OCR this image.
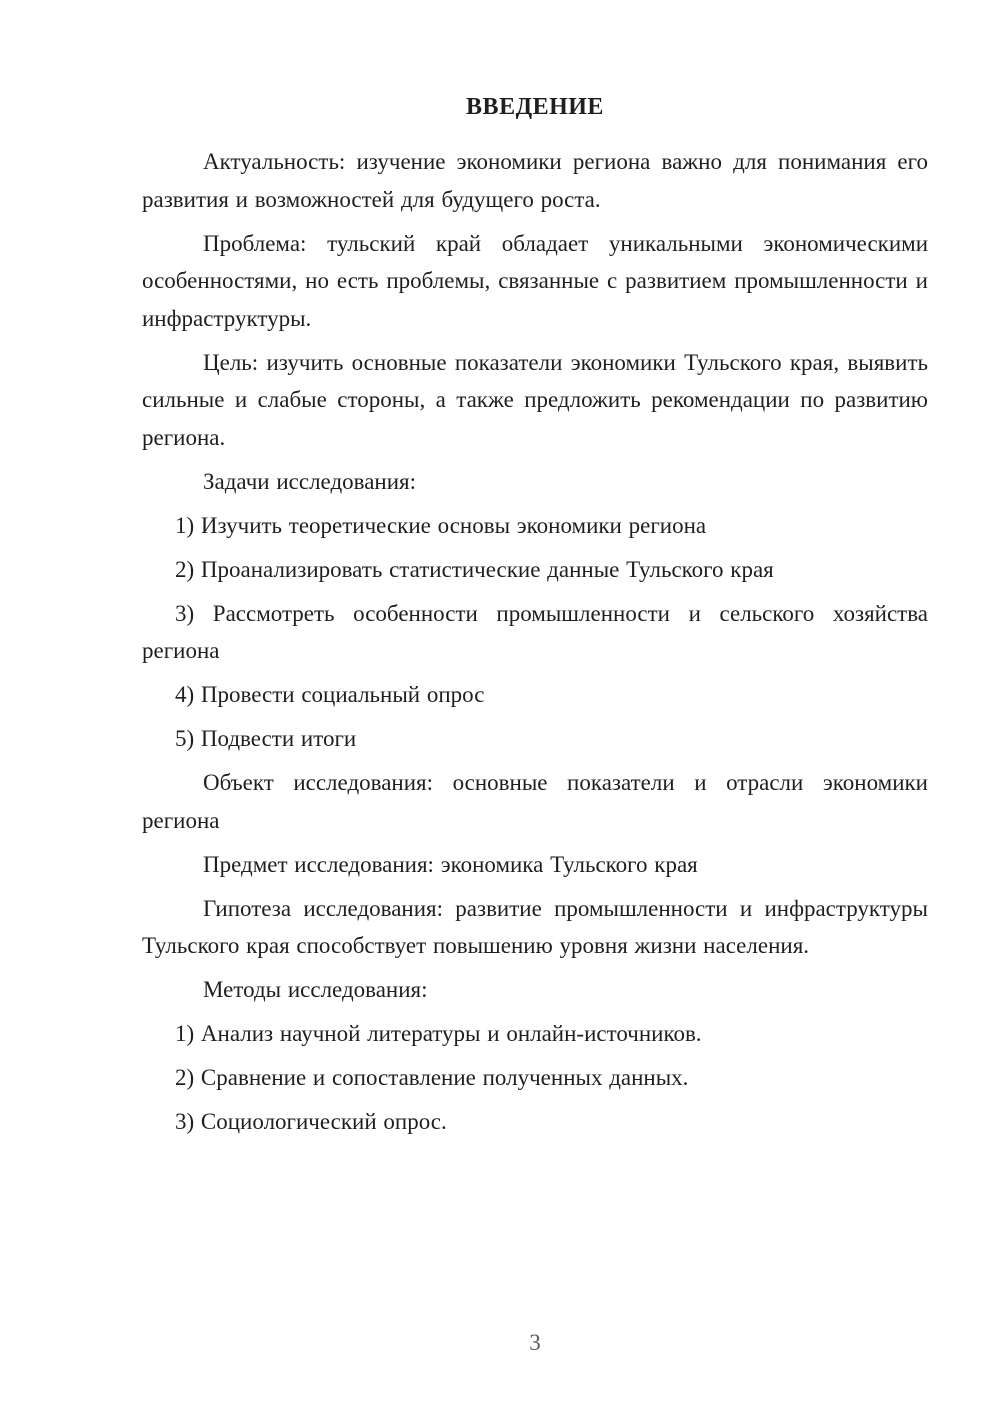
ВВЕДЕНИЕ

Актуальность: изучение экономики региона важно для понимания его развития и возможностей для будущего роста.

Проблема: тульский край обладает уникальными экономическими особенностями, но есть проблемы, связанные с развитием промышленности и инфраструктуры.

Цель: изучить основные показатели экономики Тульского края, выявить сильные и слабые стороны, а также предложить рекомендации по развитию региона.

Задачи исследования:

1) Изучить теоретические основы экономики региона

2) Проанализировать статистические данные Тульского края

3) Рассмотреть особенности промышленности и сельского хозяйства региона

4) Провести социальный опрос

5) Подвести итоги

Объект исследования: основные показатели и отрасли экономики региона

Предмет исследования: экономика Тульского края

Гипотеза исследования: развитие промышленности и инфраструктуры Тульского края способствует повышению уровня жизни населения.

Методы исследования:

1) Анализ научной литературы и онлайн-источников.

2) Сравнение и сопоставление полученных данных.

3) Социологический опрос.

3
